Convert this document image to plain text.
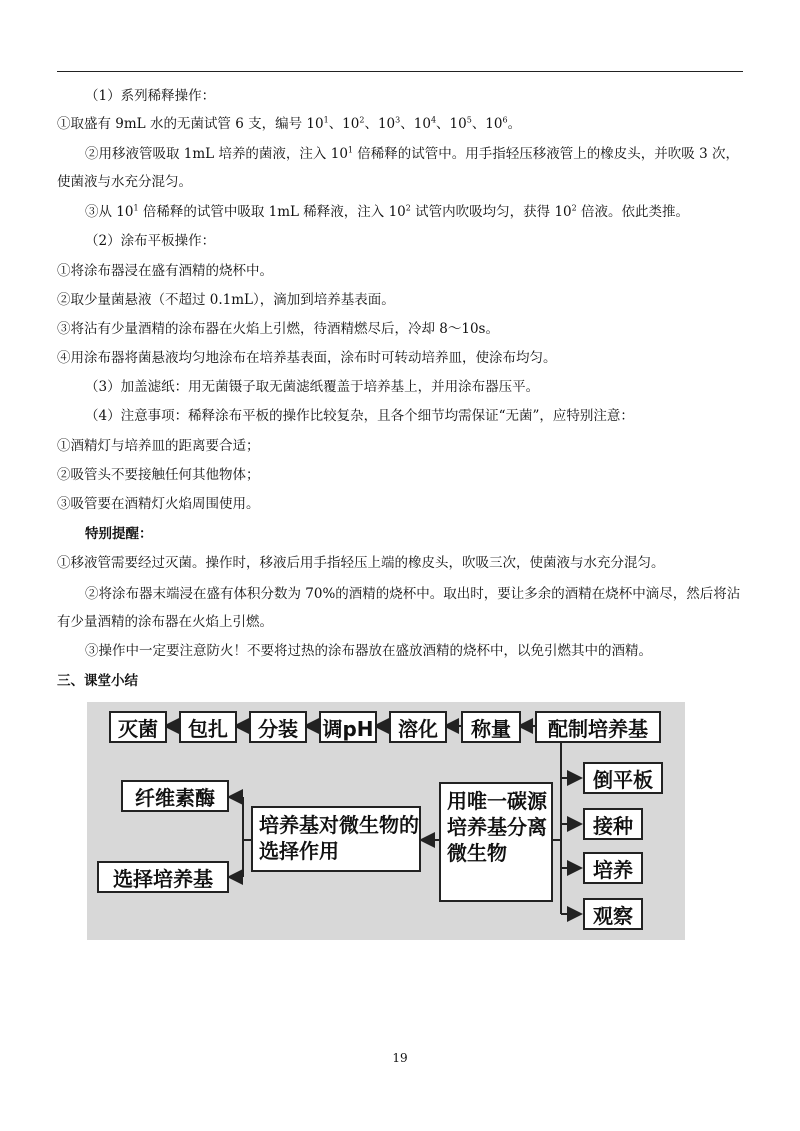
（1）系列稀释操作：
①取盛有 9mL 水的无菌试管 6 支，编号 $10^1$、$10^2$、$10^3$、$10^4$、$10^5$、$10^6$。
②用移液管吸取 1mL 培养的菌液，注入 $10^1$ 倍稀释的试管中。用手指轻压移液管上的橡皮头，并吹吸 3 次，
使菌液与水充分混匀。
③从 $10^1$ 倍稀释的试管中吸取 1mL 稀释液，注入 $10^2$ 试管内吹吸均匀，获得 $10^2$ 倍液。依此类推。
（2）涂布平板操作：
①将涂布器浸在盛有酒精的烧杯中。
②取少量菌悬液（不超过 0.1mL），滴加到培养基表面。
③将沾有少量酒精的涂布器在火焰上引燃，待酒精燃尽后，冷却 8～10s。
④用涂布器将菌悬液均匀地涂布在培养基表面，涂布时可转动培养皿，使涂布均匀。
（3）加盖滤纸：用无菌镊子取无菌滤纸覆盖于培养基上，并用涂布器压平。
（4）注意事项：稀释涂布平板的操作比较复杂，且各个细节均需保证“无菌”，应特别注意：
①酒精灯与培养皿的距离要合适；
②吸管头不要接触任何其他物体；
③吸管要在酒精灯火焰周围使用。
特别提醒：
①移液管需要经过灭菌。操作时，移液后用手指轻压上端的橡皮头，吹吸三次，使菌液与水充分混匀。
②将涂布器末端浸在盛有体积分数为 70%的酒精的烧杯中。取出时，要让多余的酒精在烧杯中滴尽，然后将沾有少量酒精的涂布器在火焰上引燃。
③操作中一定要注意防火！不要将过热的涂布器放在盛放酒精的烧杯中，以免引燃其中的酒精。
三、课堂小结
灭菌	包扎	分装	调pH	溶化	称量	配制培养基
倒平板
接种
培养
观察
纤维素酶
选择培养基
培养基对微生物的选择作用
用唯一碳源培养基分离微生物
19
